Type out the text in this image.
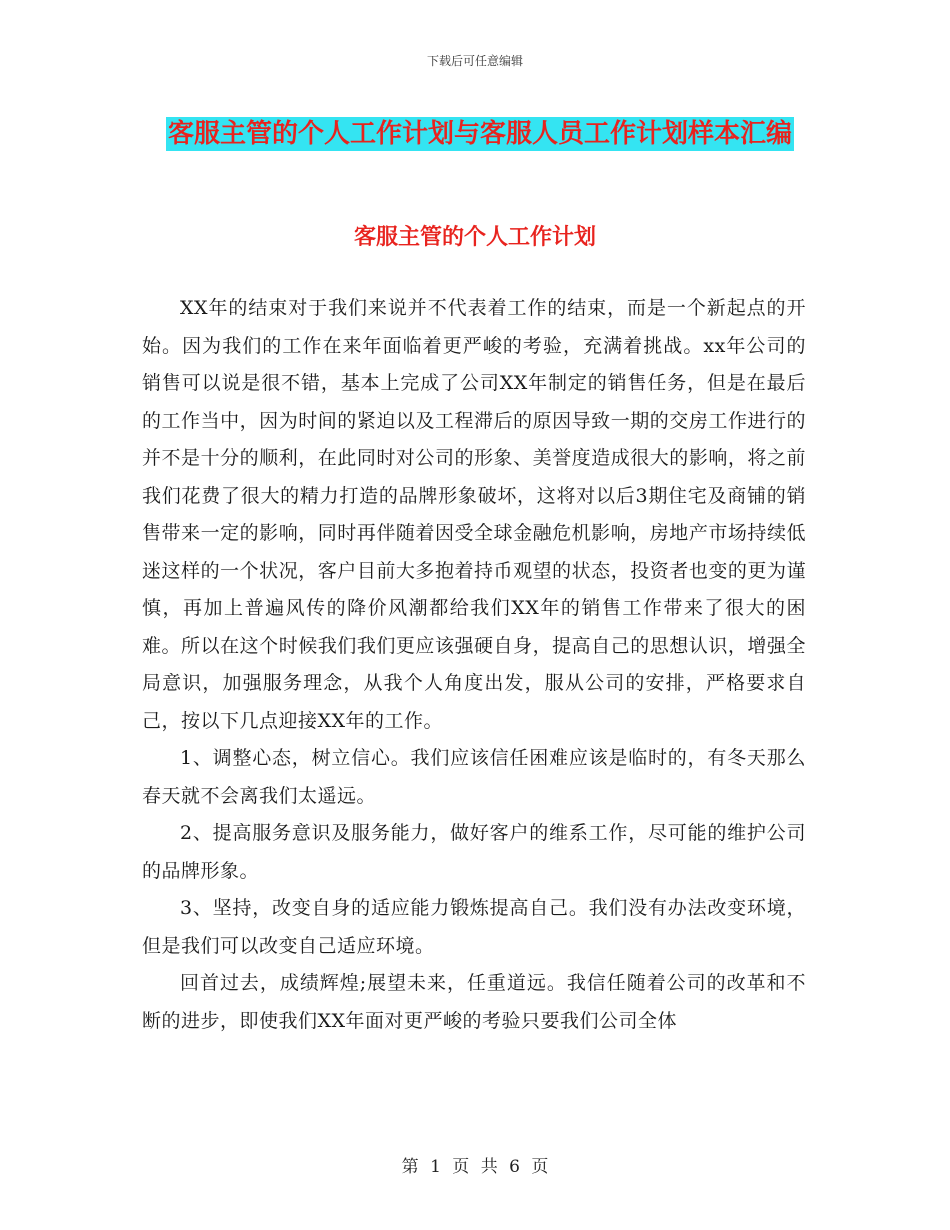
下载后可任意编辑
客服主管的个人工作计划与客服人员工作计划样本汇编
客服主管的个人工作计划

XX年的结束对于我们来说并不代表着工作的结束，而是一个新起点的开始。因为我们的工作在来年面临着更严峻的考验，充满着挑战。xx年公司的销售可以说是很不错，基本上完成了公司XX年制定的销售任务，但是在最后的工作当中，因为时间的紧迫以及工程滞后的原因导致一期的交房工作进行的并不是十分的顺利，在此同时对公司的形象、美誉度造成很大的影响，将之前我们花费了很大的精力打造的品牌形象破坏，这将对以后3期住宅及商铺的销售带来一定的影响，同时再伴随着因受全球金融危机影响，房地产市场持续低迷这样的一个状况，客户目前大多抱着持币观望的状态，投资者也变的更为谨慎，再加上普遍风传的降价风潮都给我们XX年的销售工作带来了很大的困难。所以在这个时候我们我们更应该强硬自身，提高自己的思想认识，增强全局意识，加强服务理念，从我个人角度出发，服从公司的安排，严格要求自己，按以下几点迎接XX年的工作。

1、调整心态，树立信心。我们应该信任困难应该是临时的，有冬天那么春天就不会离我们太遥远。

2、提高服务意识及服务能力，做好客户的维系工作，尽可能的维护公司的品牌形象。

3、坚持，改变自身的适应能力锻炼提高自己。我们没有办法改变环境，但是我们可以改变自己适应环境。

回首过去，成绩辉煌;展望未来，任重道远。我信任随着公司的改革和不断的进步，即使我们XX年面对更严峻的考验只要我们公司全体

第 1 页 共 6 页
